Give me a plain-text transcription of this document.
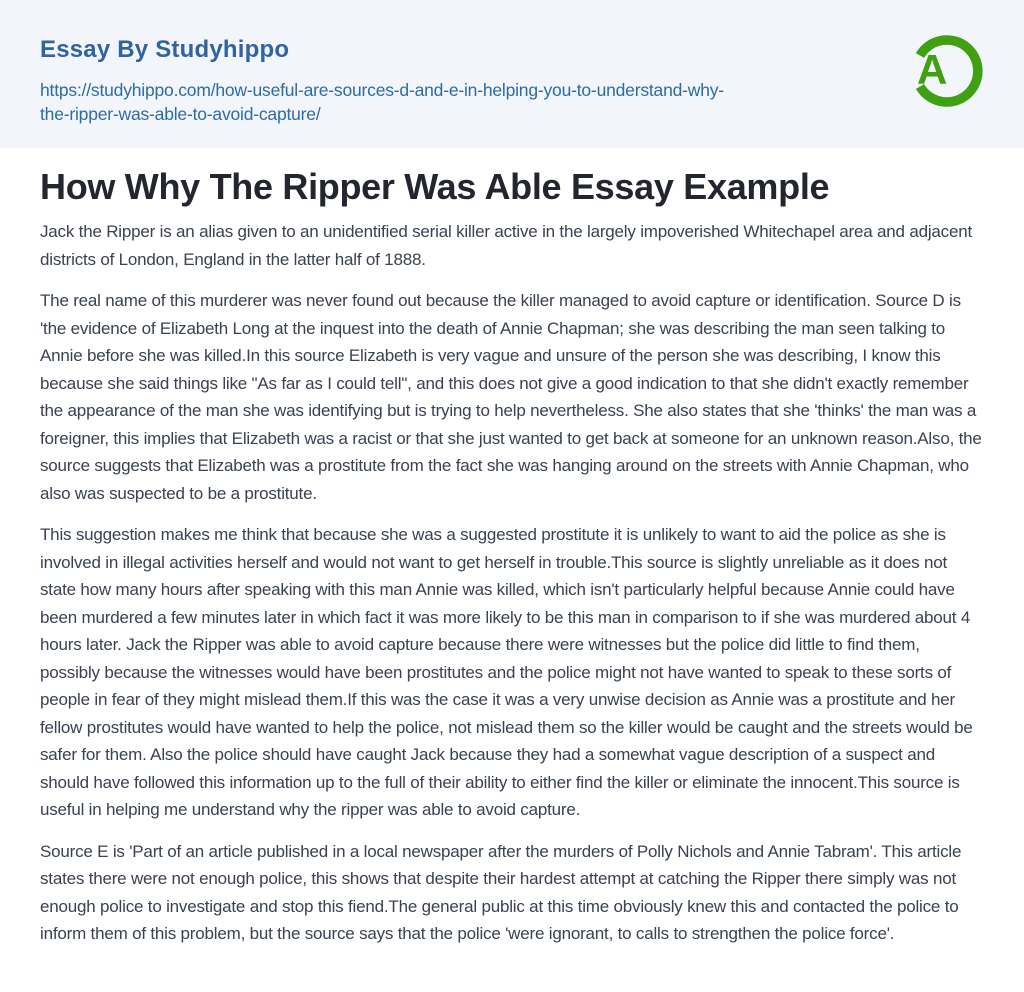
Essay By Studyhippo
https://studyhippo.com/how-useful-are-sources-d-and-e-in-helping-you-to-understand-why-
the-ripper-was-able-to-avoid-capture/
A
How Why The Ripper Was Able Essay Example

Jack the Ripper is an alias given to an unidentified serial killer active in the largely impoverished Whitechapel area and adjacent districts of London, England in the latter half of 1888.

The real name of this murderer was never found out because the killer managed to avoid capture or identification. Source D is 'the evidence of Elizabeth Long at the inquest into the death of Annie Chapman; she was describing the man seen talking to Annie before she was killed.In this source Elizabeth is very vague and unsure of the person she was describing, I know this because she said things like "As far as I could tell", and this does not give a good indication to that she didn't exactly remember the appearance of the man she was identifying but is trying to help nevertheless. She also states that she 'thinks' the man was a foreigner, this implies that Elizabeth was a racist or that she just wanted to get back at someone for an unknown reason.Also, the source suggests that Elizabeth was a prostitute from the fact she was hanging around on the streets with Annie Chapman, who also was suspected to be a prostitute.

This suggestion makes me think that because she was a suggested prostitute it is unlikely to want to aid the police as she is involved in illegal activities herself and would not want to get herself in trouble.This source is slightly unreliable as it does not state how many hours after speaking with this man Annie was killed, which isn't particularly helpful because Annie could have been murdered a few minutes later in which fact it was more likely to be this man in comparison to if she was murdered about 4 hours later. Jack the Ripper was able to avoid capture because there were witnesses but the police did little to find them, possibly because the witnesses would have been prostitutes and the police might not have wanted to speak to these sorts of people in fear of they might mislead them.If this was the case it was a very unwise decision as Annie was a prostitute and her fellow prostitutes would have wanted to help the police, not mislead them so the killer would be caught and the streets would be safer for them. Also the police should have caught Jack because they had a somewhat vague description of a suspect and should have followed this information up to the full of their ability to either find the killer or eliminate the innocent.This source is useful in helping me understand why the ripper was able to avoid capture.

Source E is 'Part of an article published in a local newspaper after the murders of Polly Nichols and Annie Tabram'. This article states there were not enough police, this shows that despite their hardest attempt at catching the Ripper there simply was not enough police to investigate and stop this fiend.The general public at this time obviously knew this and contacted the police to inform them of this problem, but the source says that the police 'were ignorant, to calls to strengthen the police force'.
